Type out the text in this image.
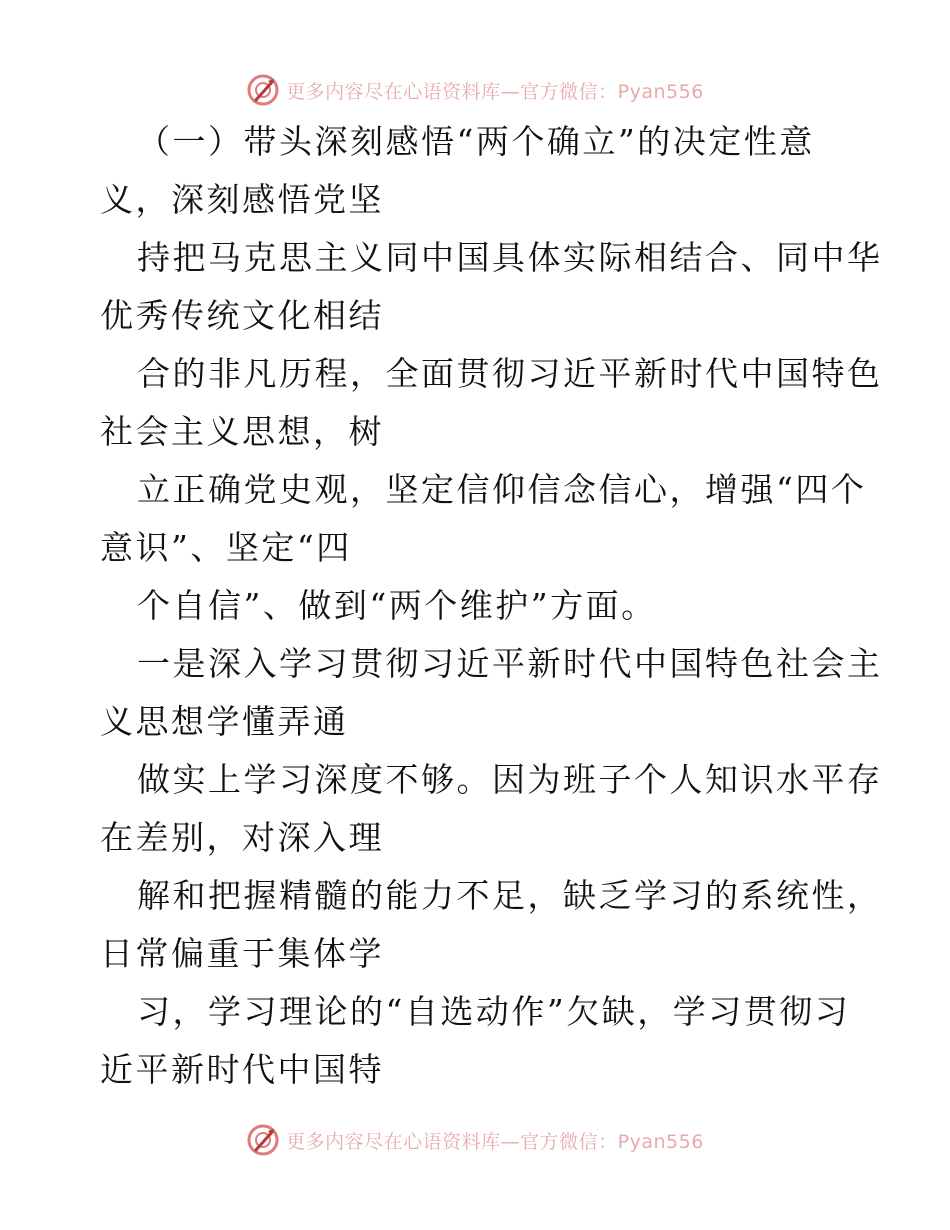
更多内容尽在心语资料库—官方微信：Pyan556
（一）带头深刻感悟“两个确立”的决定性意
义，深刻感悟党坚
持把马克思主义同中国具体实际相结合、同中华
优秀传统文化相结
合的非凡历程，全面贯彻习近平新时代中国特色
社会主义思想，树
立正确党史观，坚定信仰信念信心，增强“四个
意识”、坚定“四
个自信”、做到“两个维护”方面。
一是深入学习贯彻习近平新时代中国特色社会主
义思想学懂弄通
做实上学习深度不够。因为班子个人知识水平存
在差别，对深入理
解和把握精髓的能力不足，缺乏学习的系统性，
日常偏重于集体学
习，学习理论的“自选动作”欠缺，学习贯彻习
近平新时代中国特
更多内容尽在心语资料库—官方微信：Pyan556
